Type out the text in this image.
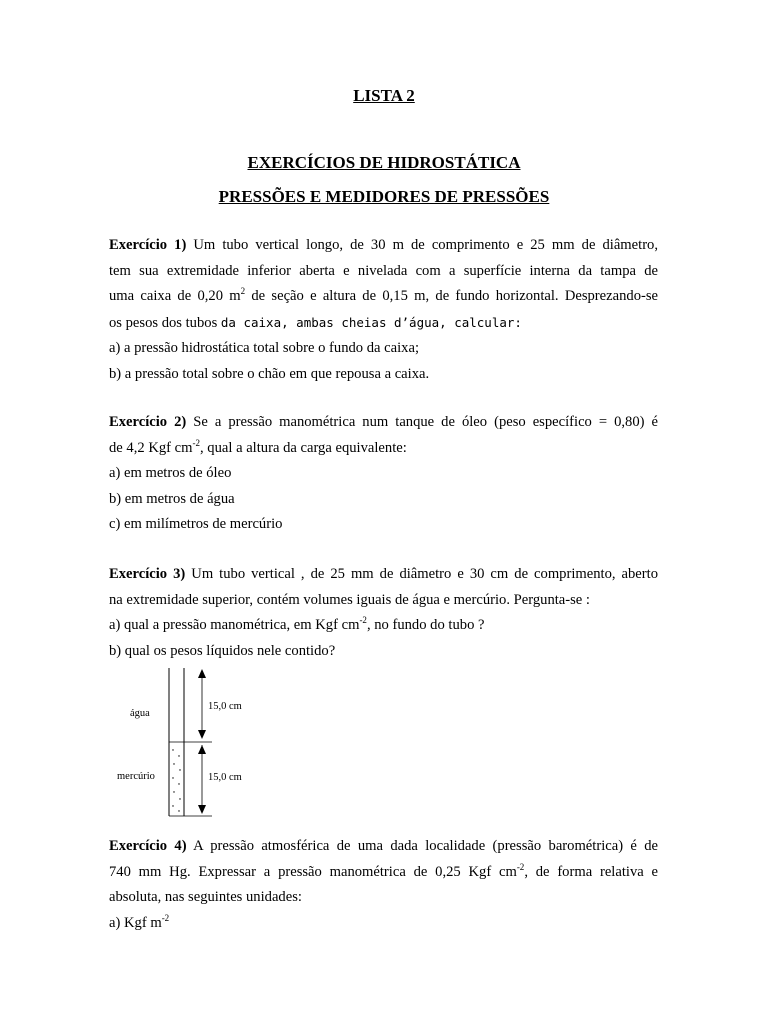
LISTA 2
EXERCÍCIOS DE HIDROSTÁTICA
PRESSÕES E MEDIDORES DE PRESSÕES

Exercício 1) Um tubo vertical longo, de 30 m de comprimento e 25 mm de diâmetro,

tem sua extremidade inferior aberta e nivelada com a superfície interna da tampa de

uma caixa de 0,20 $m^2$ de seção e altura de 0,15 m, de fundo horizontal. Desprezando-se

os pesos dos tubos da caixa, ambas cheias d’água, calcular:

a) a pressão hidrostática total sobre o fundo da caixa;

b) a pressão total sobre o chão em que repousa a caixa.

Exercício 2) Se a pressão manométrica num tanque de óleo (peso específico = 0,80) é

de 4,2 Kgf $cm^{-2}$, qual a altura da carga equivalente:

a) em metros de óleo

b) em metros de água

c) em milímetros de mercúrio

Exercício 3) Um tubo vertical , de 25 mm de diâmetro e 30 cm de comprimento, aberto

na extremidade superior, contém volumes iguais de água e mercúrio. Pergunta-se :

a) qual a pressão manométrica, em Kgf $cm^{-2}$, no fundo do tubo ?

b) qual os pesos líquidos nele contido?

água
mercúrio
15,0 cm
15,0 cm

Exercício 4) A pressão atmosférica de uma dada localidade (pressão barométrica) é de

740 mm Hg. Expressar a pressão manométrica de 0,25 Kgf $cm^{-2}$, de forma relativa e

absoluta, nas seguintes unidades:

a) Kgf $m^{-2}$
